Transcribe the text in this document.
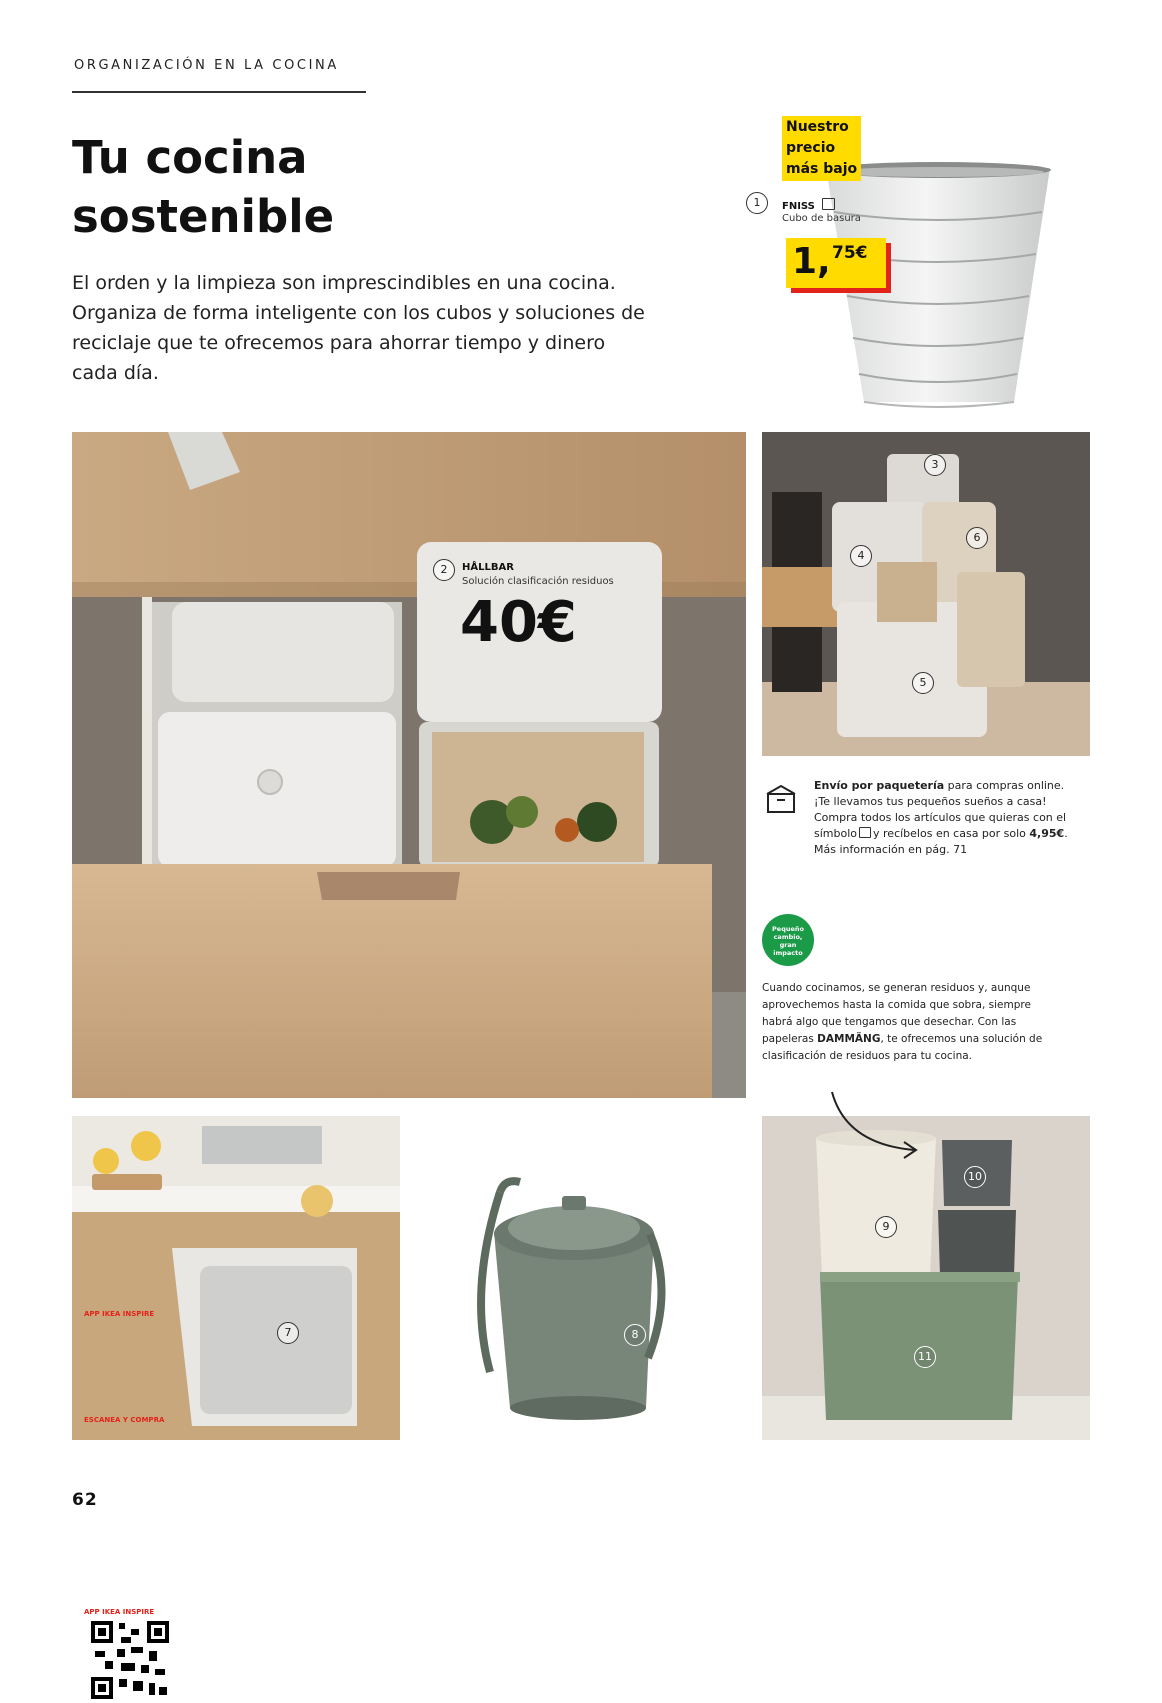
ORGANIZACIÓN EN LA COCINA
Tu cocina
sostenible
El orden y la limpieza son imprescindibles en una cocina. Organiza de forma inteligente con los cubos y soluciones de reciclaje que te ofrecemos para ahorrar tiempo y dinero cada día.
Nuestro
precio
más bajo
1	FNISS
Cubo de basura
1, 75€
2	HÅLLBAR
Solución clasificación residuos
40€
3
4
5
6
Envío por paquetería para compras online.
¡Te llevamos tus pequeños sueños a casa!
Compra todos los artículos que quieras con el
símbolo y recíbelos en casa por solo 4,95€.
Más información en pág. 71
Pequeño
cambio,
gran
impacto
Cuando cocinamos, se generan residuos y, aunque aprovechemos hasta la comida que sobra, siempre habrá algo que tengamos que desechar. Con las papeleras DAMMÄNG, te ofrecemos una solución de clasificación de residuos para tu cocina.
7
APP IKEA INSPIRE
APP IKEA INSPIRE
ESCANEA Y COMPRA
8
9
10
11
62
